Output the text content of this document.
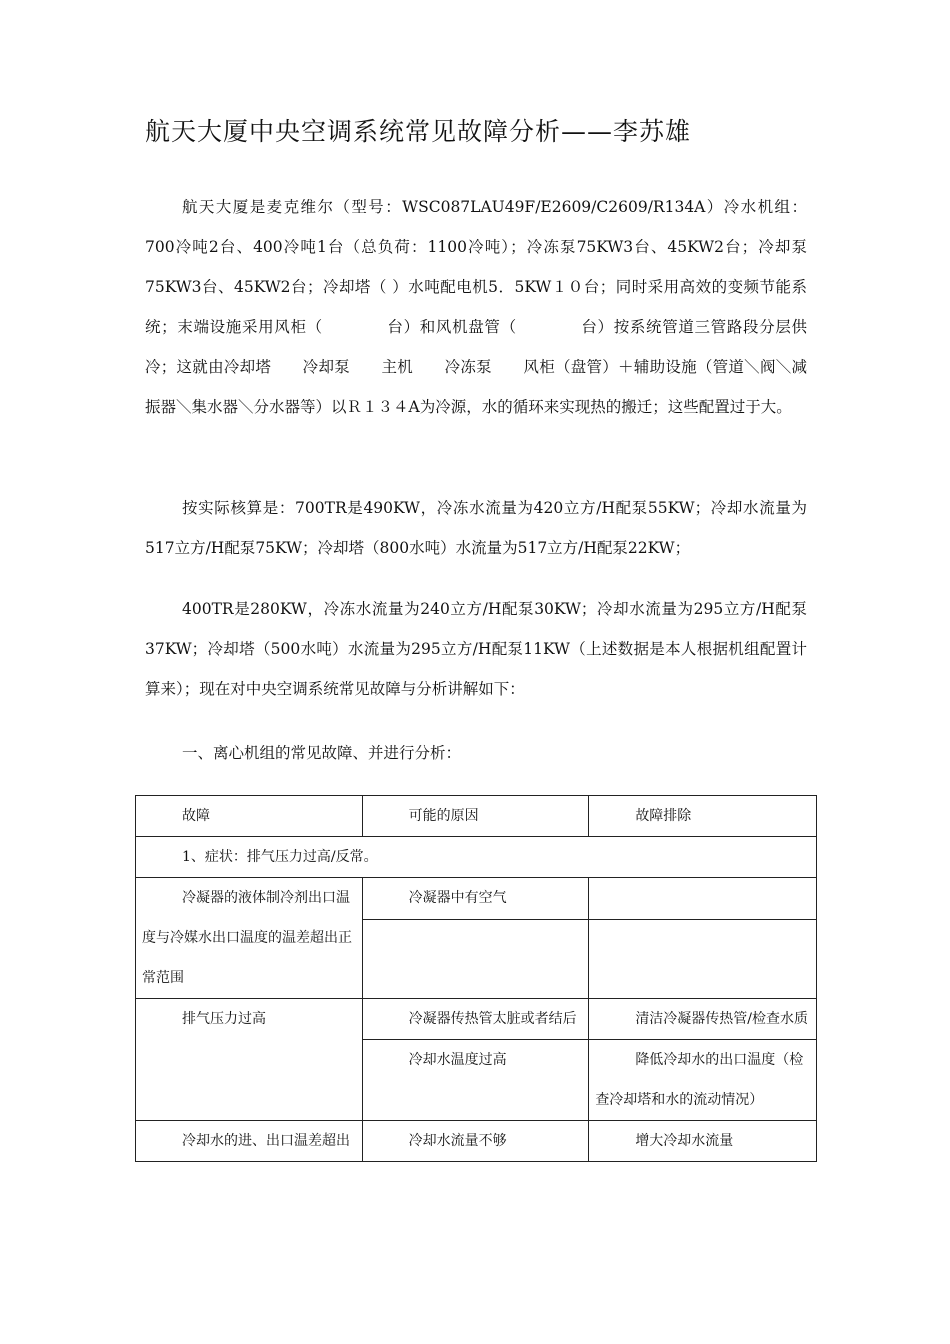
航天大厦中央空调系统常见故障分析——李苏雄

航天大厦是麦克维尔（型号：WSC087LAU49F/E2609/C2609/R134A）冷水机组：700冷吨2台、400冷吨1台（总负荷：1100冷吨）；冷冻泵75KW3台、45KW2台；冷却泵75KW3台、45KW2台；冷却塔（ ）水吨配电机5．5KW１０台；同时采用高效的变频节能系统；末端设施采用风柜（　　　　台）和风机盘管（　　　　台）按系统管道三管路段分层供冷；这就由冷却塔　　冷却泵　　主机　　冷冻泵　　风柜（盘管）＋辅助设施（管道＼阀＼减振器＼集水器＼分水器等）以Ｒ１３４A为冷源，水的循环来实现热的搬迁；这些配置过于大。

按实际核算是：700TR是490KW，冷冻水流量为420立方/H配泵55KW；冷却水流量为517立方/H配泵75KW；冷却塔（800水吨）水流量为517立方/H配泵22KW；

400TR是280KW，冷冻水流量为240立方/H配泵30KW；冷却水流量为295立方/H配泵37KW；冷却塔（500水吨）水流量为295立方/H配泵11KW（上述数据是本人根据机组配置计算来）；现在对中央空调系统常见故障与分析讲解如下：

一、离心机组的常见故障、并进行分析：

故障	可能的原因	故障排除

1、症状：排气压力过高/反常。		

冷凝器的液体制冷剂出口温度与冷媒水出口温度的温差超出正常范围	冷凝器中有空气	

排气压力过高	冷凝器传热管太脏或者结后	清洁冷凝器传热管/检查水质

	冷却水温度过高	降低冷却水的出口温度（检查冷却塔和水的流动情况）

冷却水的进、出口温差超出	冷却水流量不够	增大冷却水流量
